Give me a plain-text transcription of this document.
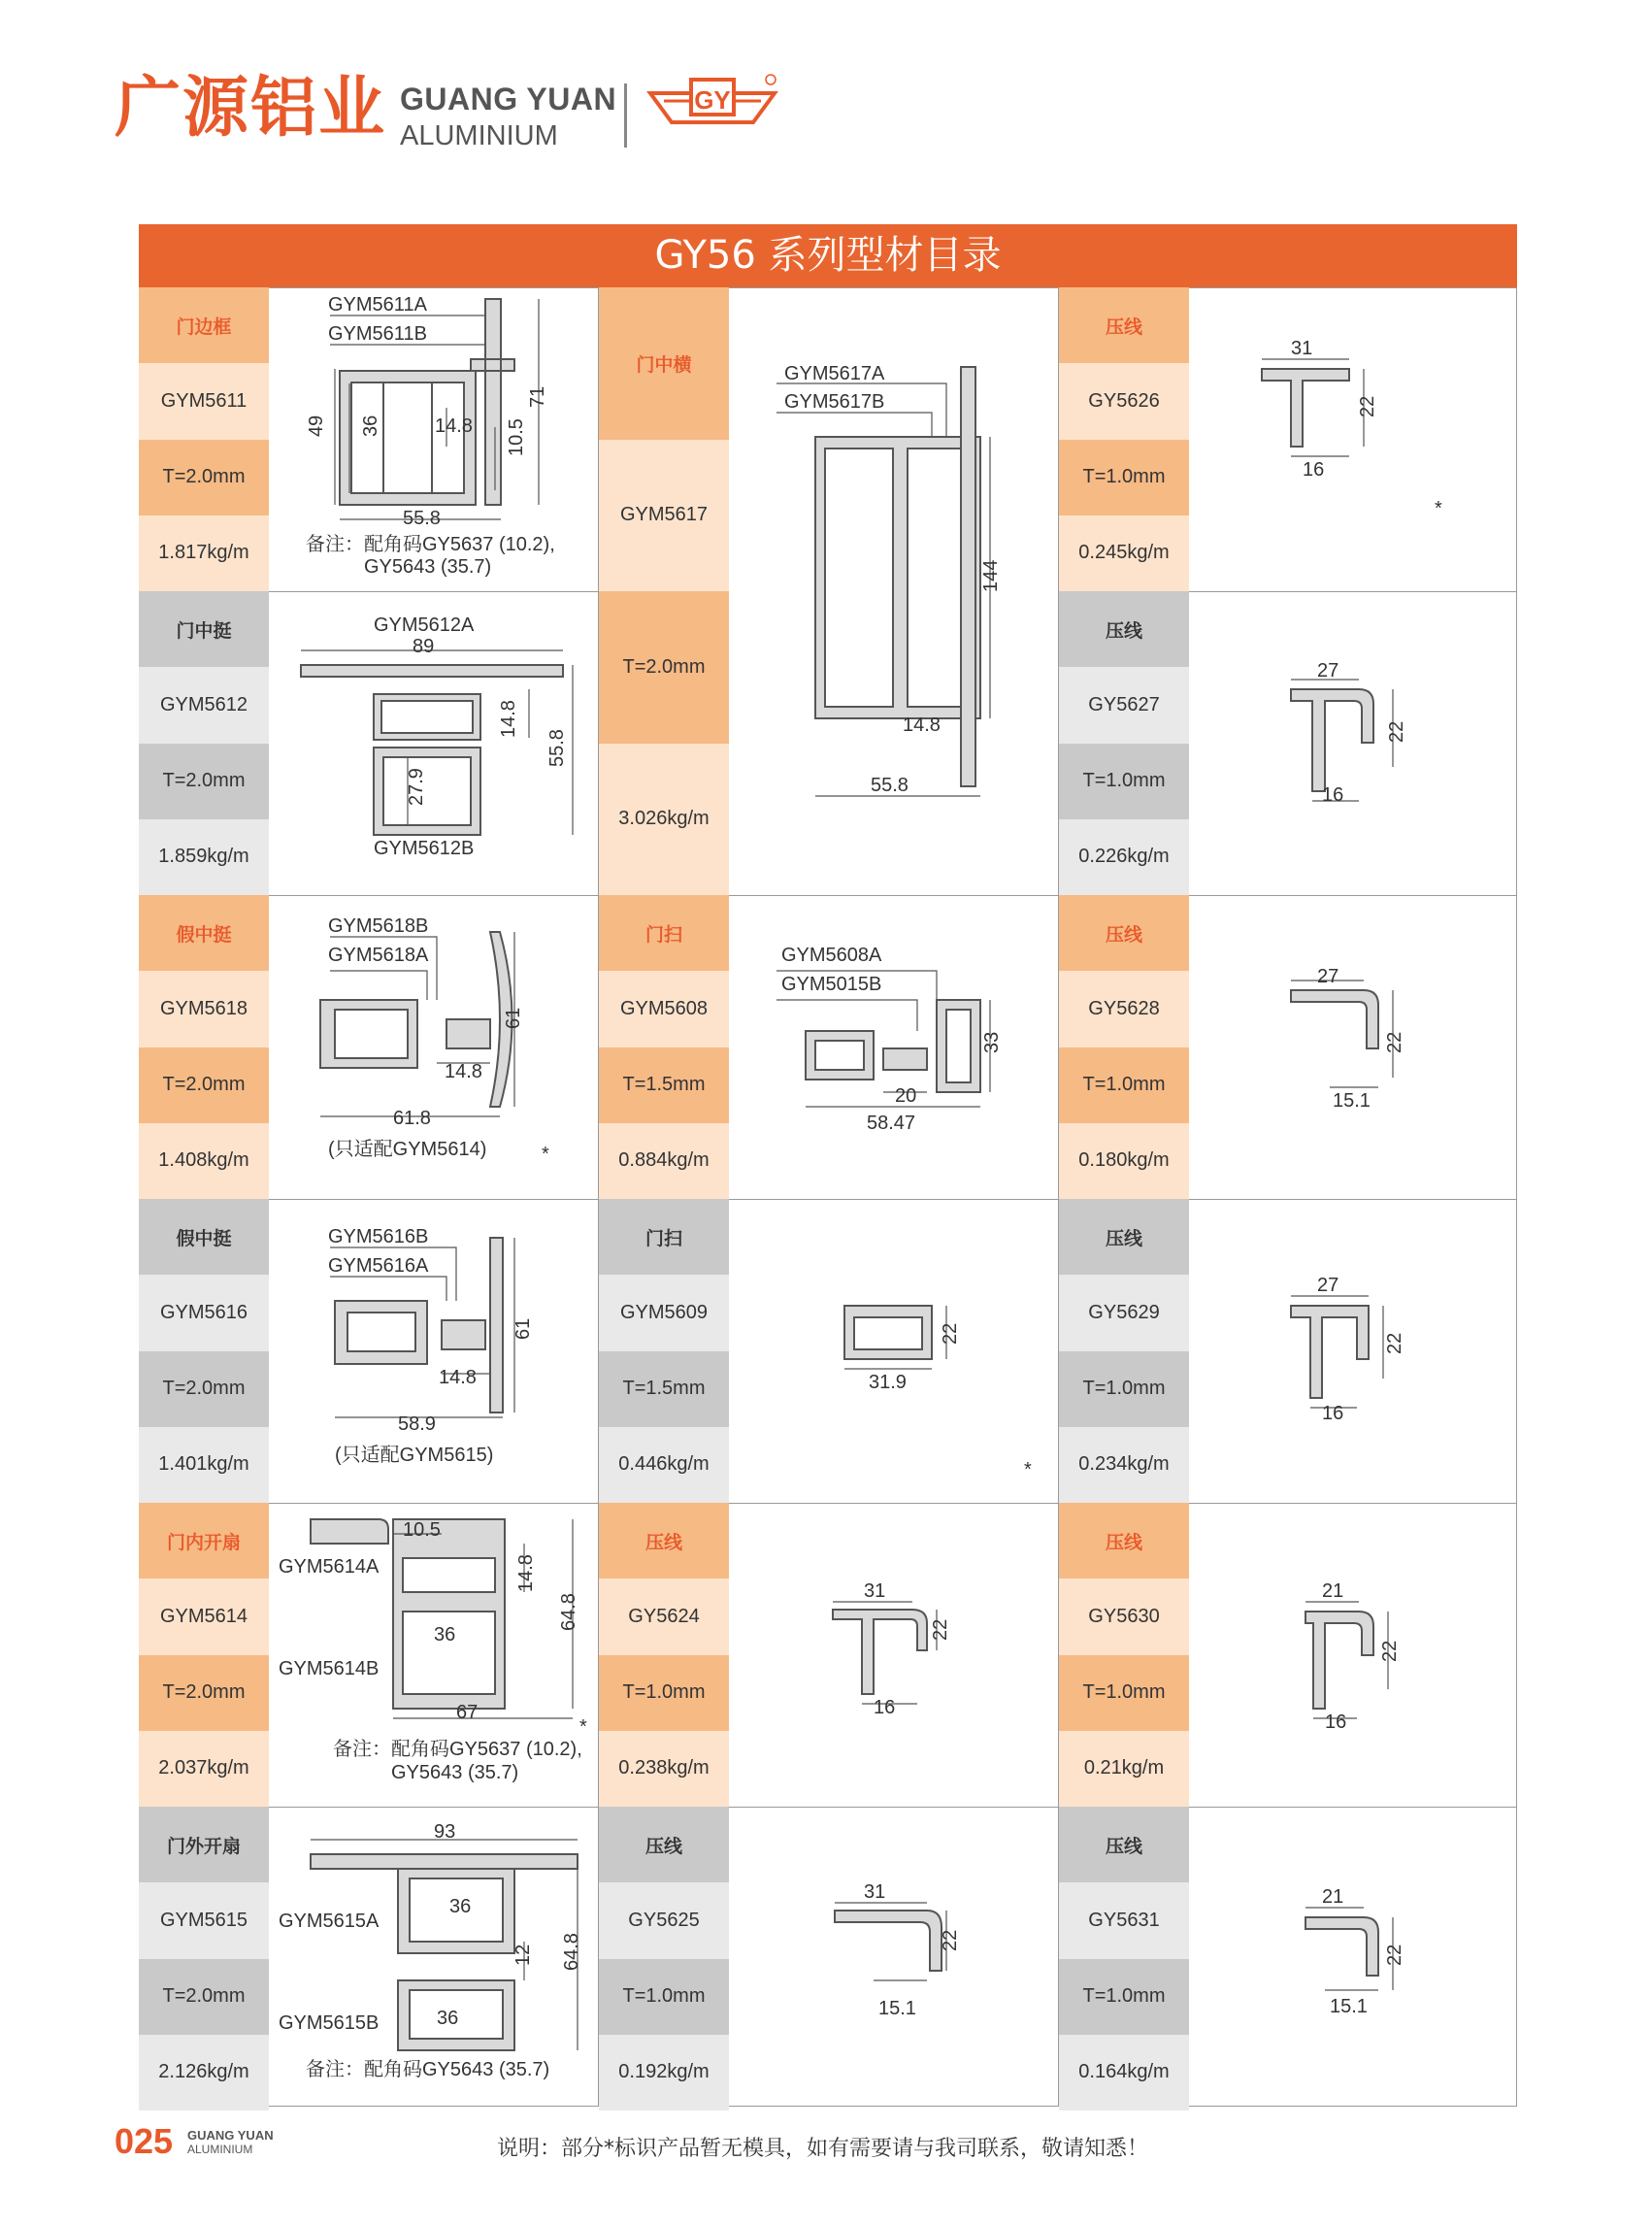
广源铝业 GUANG YUAN
ALUMINIUM
GY
GY56 系列型材目录
门边框
GYM5611
T=2.0mm
1.817kg/m
门中挺
GYM5612
T=2.0mm
1.859kg/m
假中挺
GYM5618
T=2.0mm
1.408kg/m
假中挺
GYM5616
T=2.0mm
1.401kg/m
门内开扇
GYM5614
T=2.0mm
2.037kg/m
门外开扇
GYM5615
T=2.0mm
2.126kg/m
门中横
GYM5617
T=2.0mm
3.026kg/m
门扫
GYM5608
T=1.5mm
0.884kg/m
门扫
GYM5609
T=1.5mm
0.446kg/m
压线
GY5624
T=1.0mm
0.238kg/m
压线
GY5625
T=1.0mm
0.192kg/m
压线
GY5626
T=1.0mm
0.245kg/m
压线
GY5627
T=1.0mm
0.226kg/m
压线
GY5628
T=1.0mm
0.180kg/m
压线
GY5629
T=1.0mm
0.234kg/m
压线
GY5630
T=1.0mm
0.21kg/m
压线
GY5631
T=1.0mm
0.164kg/m
GYM5611A
GYM5611B
49 36	14.8 10.5
71
55.8
备注：配角码GY5637 (10.2),
GY5643 (35.7)
GYM5612A
89
14.8
55.8
27.9
GYM5612B
GYM5618B
GYM5618A
61
14.8
61.8
(只适配GYM5614)	*
GYM5616B
GYM5616A
61
14.8
58.9
(只适配GYM5615)
10.5
GYM5614A	14.8
64.8
36
GYM5614B
67
*
备注：配角码GY5637 (10.2),
GY5643 (35.7)
93
36
GYM5615A
12 64.8
36
GYM5615B
备注：配角码GY5643 (35.7)
GYM5617A
GYM5617B
144
14.8
55.8
GYM5608A
GYM5015B
33
20
58.47
22
31.9
*
31
22
16
31
22
15.1
31
22
16
*
27
22
16
27
22
15.1
27
22
16
21
22
16
21
22
15.1
025 GUANG YUAN
ALUMINIUM	说明：部分*标识产品暂无模具，如有需要请与我司联系，敬请知悉！
